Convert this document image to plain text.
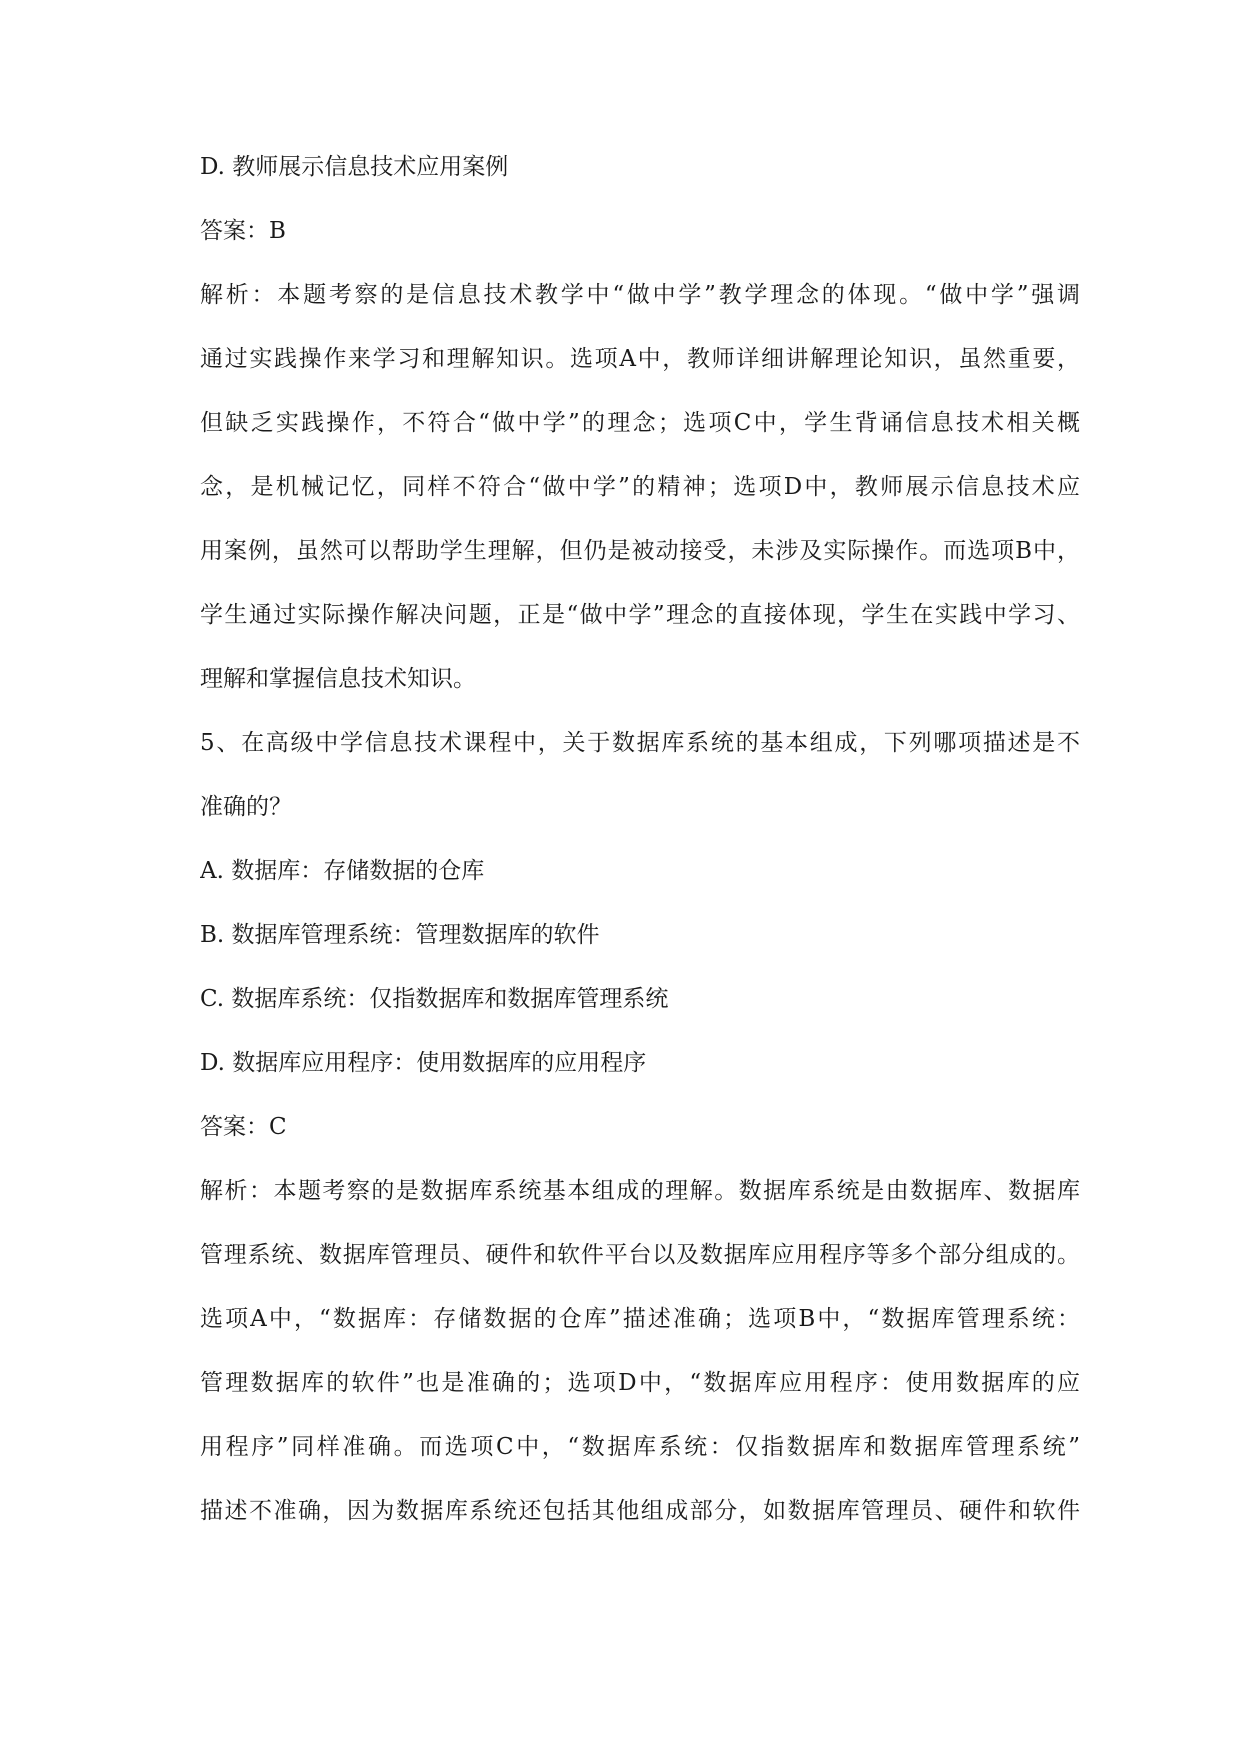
D. 教师展示信息技术应用案例
答案：B
解析：本题考察的是信息技术教学中“做中学”教学理念的体现。“做中学”强调
通过实践操作来学习和理解知识。选项A中，教师详细讲解理论知识，虽然重要，
但缺乏实践操作，不符合“做中学”的理念；选项C中，学生背诵信息技术相关概
念，是机械记忆，同样不符合“做中学”的精神；选项D中，教师展示信息技术应
用案例，虽然可以帮助学生理解，但仍是被动接受，未涉及实际操作。而选项B中，
学生通过实际操作解决问题，正是“做中学”理念的直接体现，学生在实践中学习、
理解和掌握信息技术知识。
5、在高级中学信息技术课程中，关于数据库系统的基本组成，下列哪项描述是不
准确的？
A. 数据库：存储数据的仓库
B. 数据库管理系统：管理数据库的软件
C. 数据库系统：仅指数据库和数据库管理系统
D. 数据库应用程序：使用数据库的应用程序
答案：C
解析：本题考察的是数据库系统基本组成的理解。数据库系统是由数据库、数据库
管理系统、数据库管理员、硬件和软件平台以及数据库应用程序等多个部分组成的。
选项A中，“数据库：存储数据的仓库”描述准确；选项B中，“数据库管理系统：
管理数据库的软件”也是准确的；选项D中，“数据库应用程序：使用数据库的应
用程序”同样准确。而选项C中，“数据库系统：仅指数据库和数据库管理系统”
描述不准确，因为数据库系统还包括其他组成部分，如数据库管理员、硬件和软件
